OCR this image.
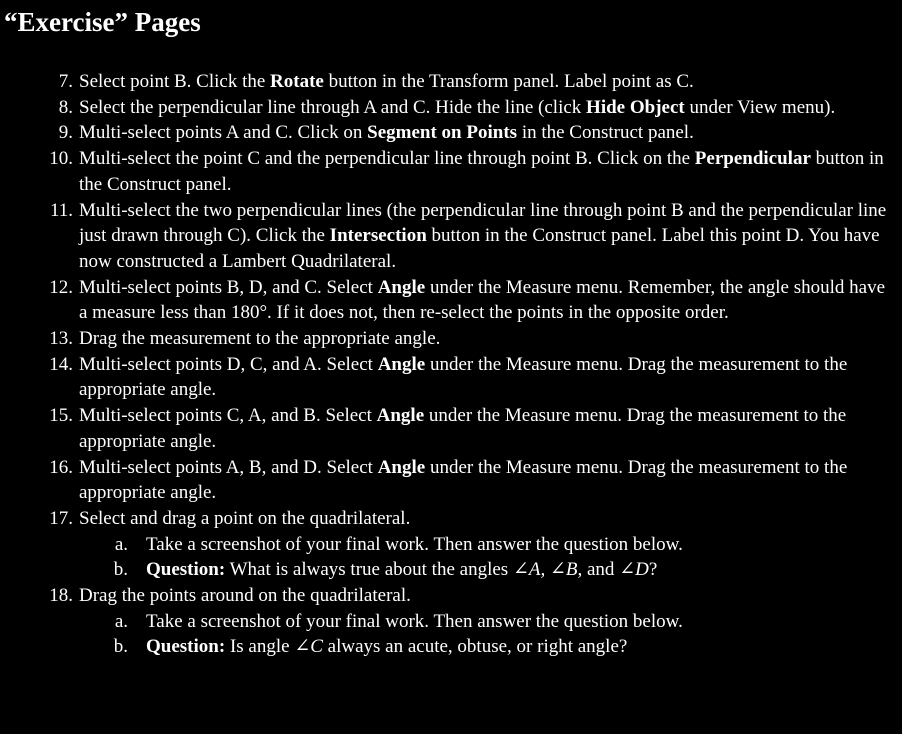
“Exercise” Pages
7. Select point B. Click the Rotate button in the Transform panel. Label point as C.
8. Select the perpendicular line through A and C. Hide the line (click Hide Object under View menu).
9. Multi-select points A and C. Click on Segment on Points in the Construct panel.
10. Multi-select the point C and the perpendicular line through point B. Click on the Perpendicular button in the Construct panel.
11. Multi-select the two perpendicular lines (the perpendicular line through point B and the perpendicular line just drawn through C). Click the Intersection button in the Construct panel. Label this point D. You have now constructed a Lambert Quadrilateral.
12. Multi-select points B, D, and C. Select Angle under the Measure menu. Remember, the angle should have a measure less than 180°. If it does not, then re-select the points in the opposite order.
13. Drag the measurement to the appropriate angle.
14. Multi-select points D, C, and A. Select Angle under the Measure menu. Drag the measurement to the appropriate angle.
15. Multi-select points C, A, and B. Select Angle under the Measure menu. Drag the measurement to the appropriate angle.
16. Multi-select points A, B, and D. Select Angle under the Measure menu. Drag the measurement to the appropriate angle.
17. Select and drag a point on the quadrilateral.
a. Take a screenshot of your final work. Then answer the question below.
b. Question: What is always true about the angles ∠A, ∠B, and ∠D?
18. Drag the points around on the quadrilateral.
a. Take a screenshot of your final work. Then answer the question below.
b. Question: Is angle ∠C always an acute, obtuse, or right angle?
